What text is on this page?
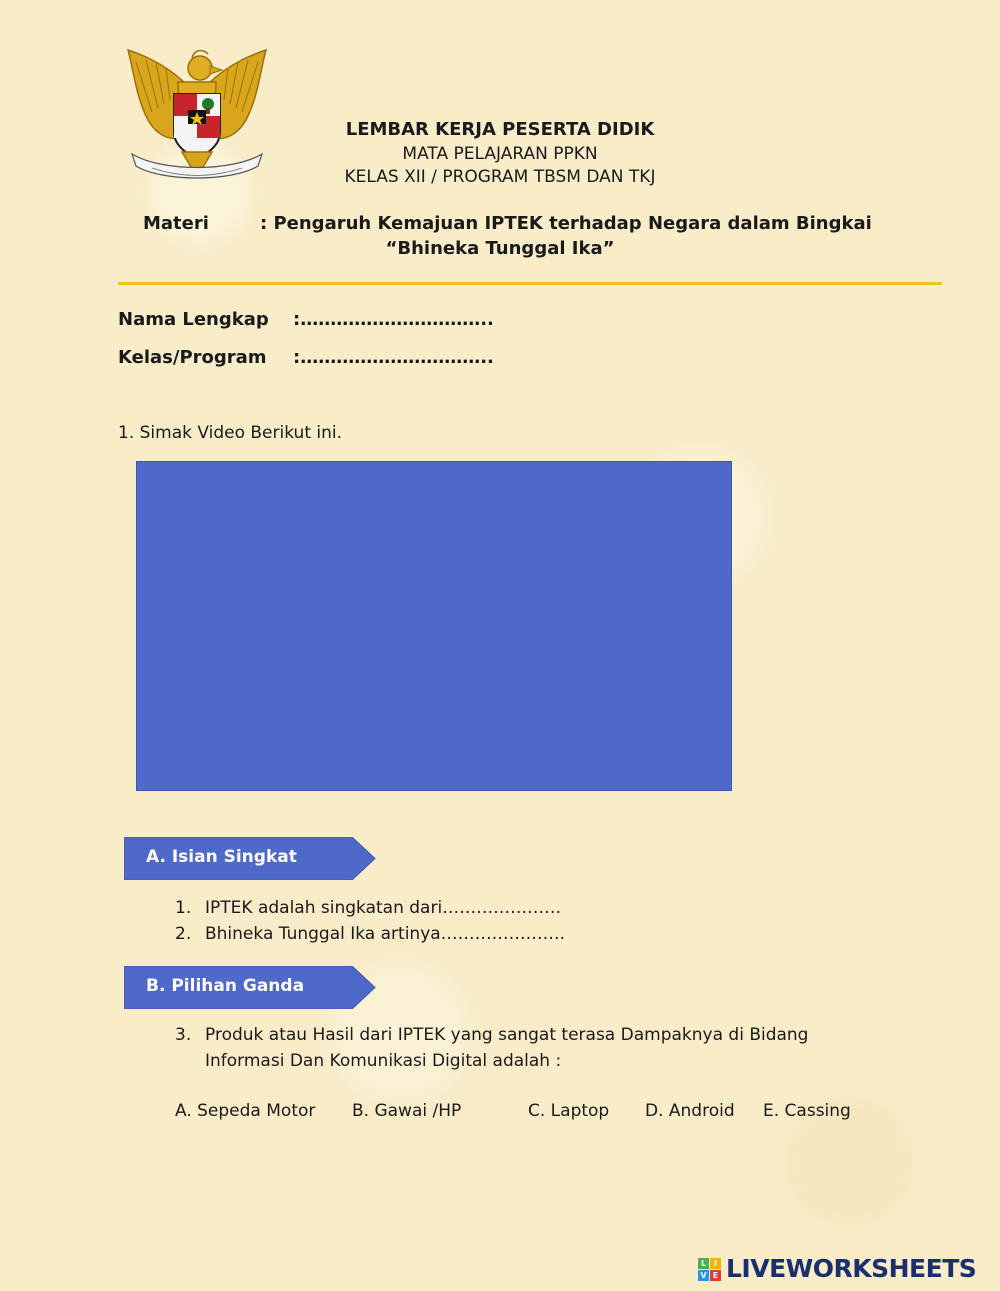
LEMBAR KERJA PESERTA DIDIK
MATA PELAJARAN PPKN
KELAS XII / PROGRAM TBSM DAN TKJ
Materi	: Pengaruh Kemajuan IPTEK terhadap Negara dalam Bingkai
“Bhineka Tunggal Ika”
Nama Lengkap :…………………………..
Kelas/Program :…………………………..
1. Simak Video Berikut ini.
A. Isian Singkat
1. IPTEK adalah singkatan dari…………………
2. Bhineka Tunggal Ika artinya………………….
B. Pilihan Ganda
3. Produk atau Hasil dari IPTEK yang sangat terasa Dampaknya di Bidang
Informasi Dan Komunikasi Digital adalah :
A. Sepeda Motor B. Gawai /HP	C. Laptop D. Android E. Cassing
L I
V E LIVEWORKSHEETS
